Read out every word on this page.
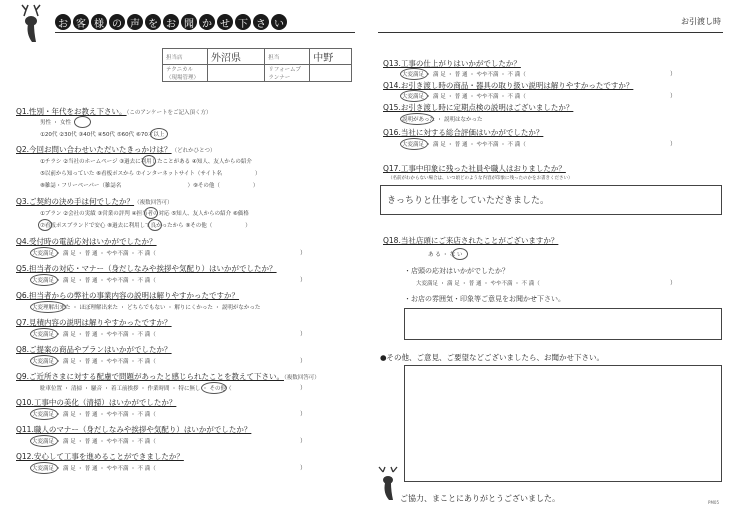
お 客 様 の 声 を お 聞 か せ 下 さ い
担当店	外沼県	担当	中野
テクニカル（現場管理）		リフォームプランナー	
Q1.性別・年代をお教え下さい。（このアンケートをご記入頂く方）
男性 ・ 女性
①20代 ②30代 ③40代 ④50代 ⑤60代 ⑥70才以上
Q2.今回お問い合わせいただいたきっかけは？（どれかひとつ）
①チラシ ②当社のホームページ ③過去に利用したことがある ④知人、友人からの紹介
⑤以前から知っていた ⑥看板ポスから ⑦インターネットサイト（サイト名　　　　　　）
⑧雑誌・フリーペーパー（雑誌名　　　　　　　　　　　　）⑨その他（　　　　　　）
Q3.ご契約の決め手は何でしたか？（複数回答可）
①プラン ②会社の実績 ③営業の評判 ④担当者の対応 ⑤知人、友人からの紹介 ⑥価格
⑦看板ポスブランドで安心 ⑧過去に利用して良かったから ⑨その他（　　　　　　）
Q4.受付時の電話応対はいかがでしたか？
大変満足 ・ 満 足 ・ 普 通 ・ やや不満 ・ 不 満（	）
Q5.担当者の対応・マナー（身だしなみや挨拶や気配り）はいかがでしたか？
大変満足 ・ 満 足 ・ 普 通 ・ やや不満 ・ 不 満（	）
Q6.担当者からの弊社の事業内容の説明は解りやすかったですか？
大変理解出来た ・ ほぼ理解出来た ・ どちらでもない ・ 解りにくかった ・ 説明がなかった
Q7.見積内容の説明は解りやすかったですか？
大変満足 ・ 満 足 ・ 普 通 ・ やや不満 ・ 不 満（	）
Q8.ご提案の商品やプランはいかがでしたか？
大変満足 ・ 満 足 ・ 普 通 ・ やや不満 ・ 不 満（	）
Q9.ご近所さまに対する配慮で問題があったと感じられたことを教えて下さい。（複数回答可）
駐車位置 ・ 清掃 ・ 騒音 ・ 着工前挨拶 ・ 作業時間 ・ 特に無し ・ その他（	）
Q10.工事中の美化（清掃）はいかがでしたか？
大変満足 ・ 満 足 ・ 普 通 ・ やや不満 ・ 不 満（	）
Q11.職人のマナー（身だしなみや挨拶や気配り）はいかがでしたか？
大変満足 ・ 満 足 ・ 普 通 ・ やや不満 ・ 不 満（	）
Q12.安心して工事を進めることができましたか？
大変満足 ・ 満 足 ・ 普 通 ・ やや不満 ・ 不 満（	）
お引渡し時
Q13.工事の仕上がりはいかがでしたか？
大変満足 ・ 満 足 ・ 普 通 ・ やや不満 ・ 不 満（	）
Q14.お引き渡し時の商品・器具の取り扱い説明は解りやすかったですか？
大変満足 ・ 満 足 ・ 普 通 ・ やや不満 ・ 不 満（	）
Q15.お引き渡し時に定期点検の説明はございましたか？
説明があった ・ 説明はなかった
Q16.当社に対する総合評価はいかがでしたか？
大変満足 ・ 満 足 ・ 普 通 ・ やや不満 ・ 不 満（	）
Q17.工事中印象に残った社員や職人はおりましたか？
（名前がわからない場合は、いつ頃どのような内容が印象に残ったのかをお書きください）
きっちりと仕事をしていただきました。
Q18.当社店頭にご来店されたことがございますか？
あ る ・ な い
・店頭の応対はいかがでしたか？
大変満足 ・ 満 足 ・ 普 通 ・ やや不満 ・ 不 満（	）
・お店の雰囲気・印象等ご意見をお聞かせ下さい。
●その他、ご意見、ご要望などございましたら、お聞かせ下さい。
ご協力、まことにありがとうございました。	PM05
